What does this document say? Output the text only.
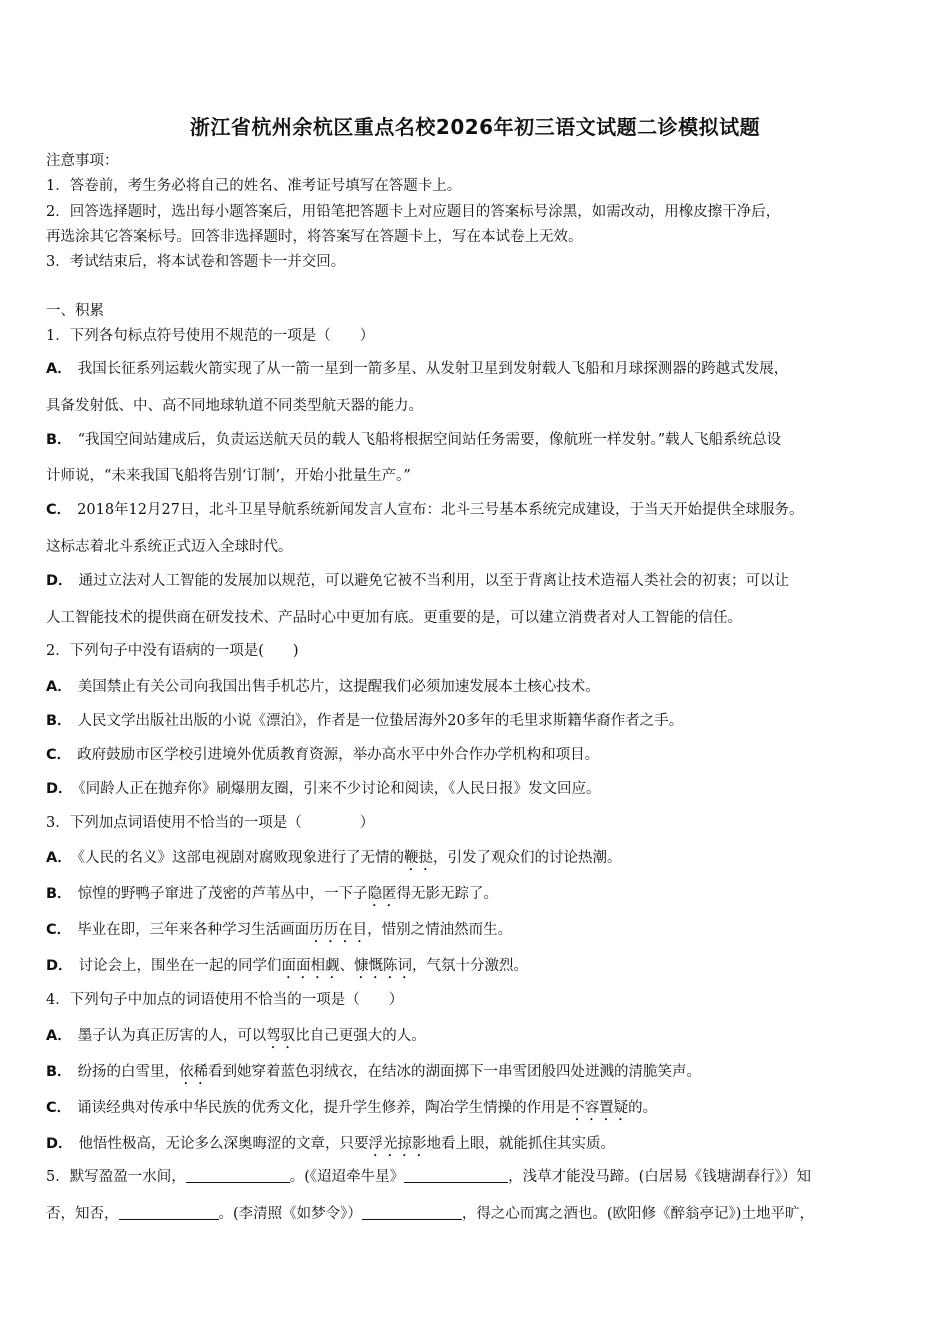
浙江省杭州余杭区重点名校2026年初三语文试题二诊模拟试题
注意事项：
1．答卷前，考生务必将自己的姓名、准考证号填写在答题卡上。
2．回答选择题时，选出每小题答案后，用铅笔把答题卡上对应题目的答案标号涂黑，如需改动，用橡皮擦干净后，
再选涂其它答案标号。回答非选择题时，将答案写在答题卡上，写在本试卷上无效。
3．考试结束后，将本试卷和答题卡一并交回。
一、积累
1．下列各句标点符号使用不规范的一项是（　　）
A． 我国长征系列运载火箭实现了从一箭一星到一箭多星、从发射卫星到发射载人飞船和月球探测器的跨越式发展，
具备发射低、中、高不同地球轨道不同类型航天器的能力。
B． “我国空间站建成后，负责运送航天员的载人飞船将根据空间站任务需要，像航班一样发射。”载人飞船系统总设
计师说，“未来我国飞船将告别‘订制’，开始小批量生产。”
C． 2018年12月27日，北斗卫星导航系统新闻发言人宣布：北斗三号基本系统完成建设，于当天开始提供全球服务。
这标志着北斗系统正式迈入全球时代。
D． 通过立法对人工智能的发展加以规范，可以避免它被不当利用，以至于背离让技术造福人类社会的初衷；可以让
人工智能技术的提供商在研发技术、产品时心中更加有底。更重要的是，可以建立消费者对人工智能的信任。
2．下列句子中没有语病的一项是(　　)
A． 美国禁止有关公司向我国出售手机芯片，这提醒我们必须加速发展本土核心技术。
B． 人民文学出版社出版的小说《漂泊》，作者是一位蛰居海外20多年的毛里求斯籍华裔作者之手。
C． 政府鼓励市区学校引进境外优质教育资源，举办高水平中外合作办学机构和项目。
D． 《同龄人正在抛弃你》刷爆朋友圈，引来不少讨论和阅读，《人民日报》发文回应。
3．下列加点词语使用不恰当的一项是（　　　　）
A． 《人民的名义》这部电视剧对腐败现象进行了无情的鞭挞，引发了观众们的讨论热潮。
B． 惊惶的野鸭子窜进了茂密的芦苇丛中，一下子隐匿得无影无踪了。
C． 毕业在即，三年来各种学习生活画面历历在目，惜别之情油然而生。
D． 讨论会上，围坐在一起的同学们面面相觑、慷慨陈词，气氛十分激烈。
4．下列句子中加点的词语使用不恰当的一项是（　　）
A． 墨子认为真正厉害的人，可以驾驭比自己更强大的人。
B． 纷扬的白雪里，依稀看到她穿着蓝色羽绒衣，在结冰的湖面掷下一串雪团般四处迸溅的清脆笑声。
C． 诵读经典对传承中华民族的优秀文化，提升学生修养，陶冶学生情操的作用是不容置疑的。
D． 他悟性极高，无论多么深奥晦涩的文章，只要浮光掠影地看上眼，就能抓住其实质。
5．默写盈盈一水间，	。(《迢迢牵牛星》	，浅草才能没马蹄。(白居易《钱塘湖春行》）知
否，知否，	。(李清照《如梦令》）	，得之心而寓之酒也。(欧阳修《醉翁亭记》)土地平旷，
